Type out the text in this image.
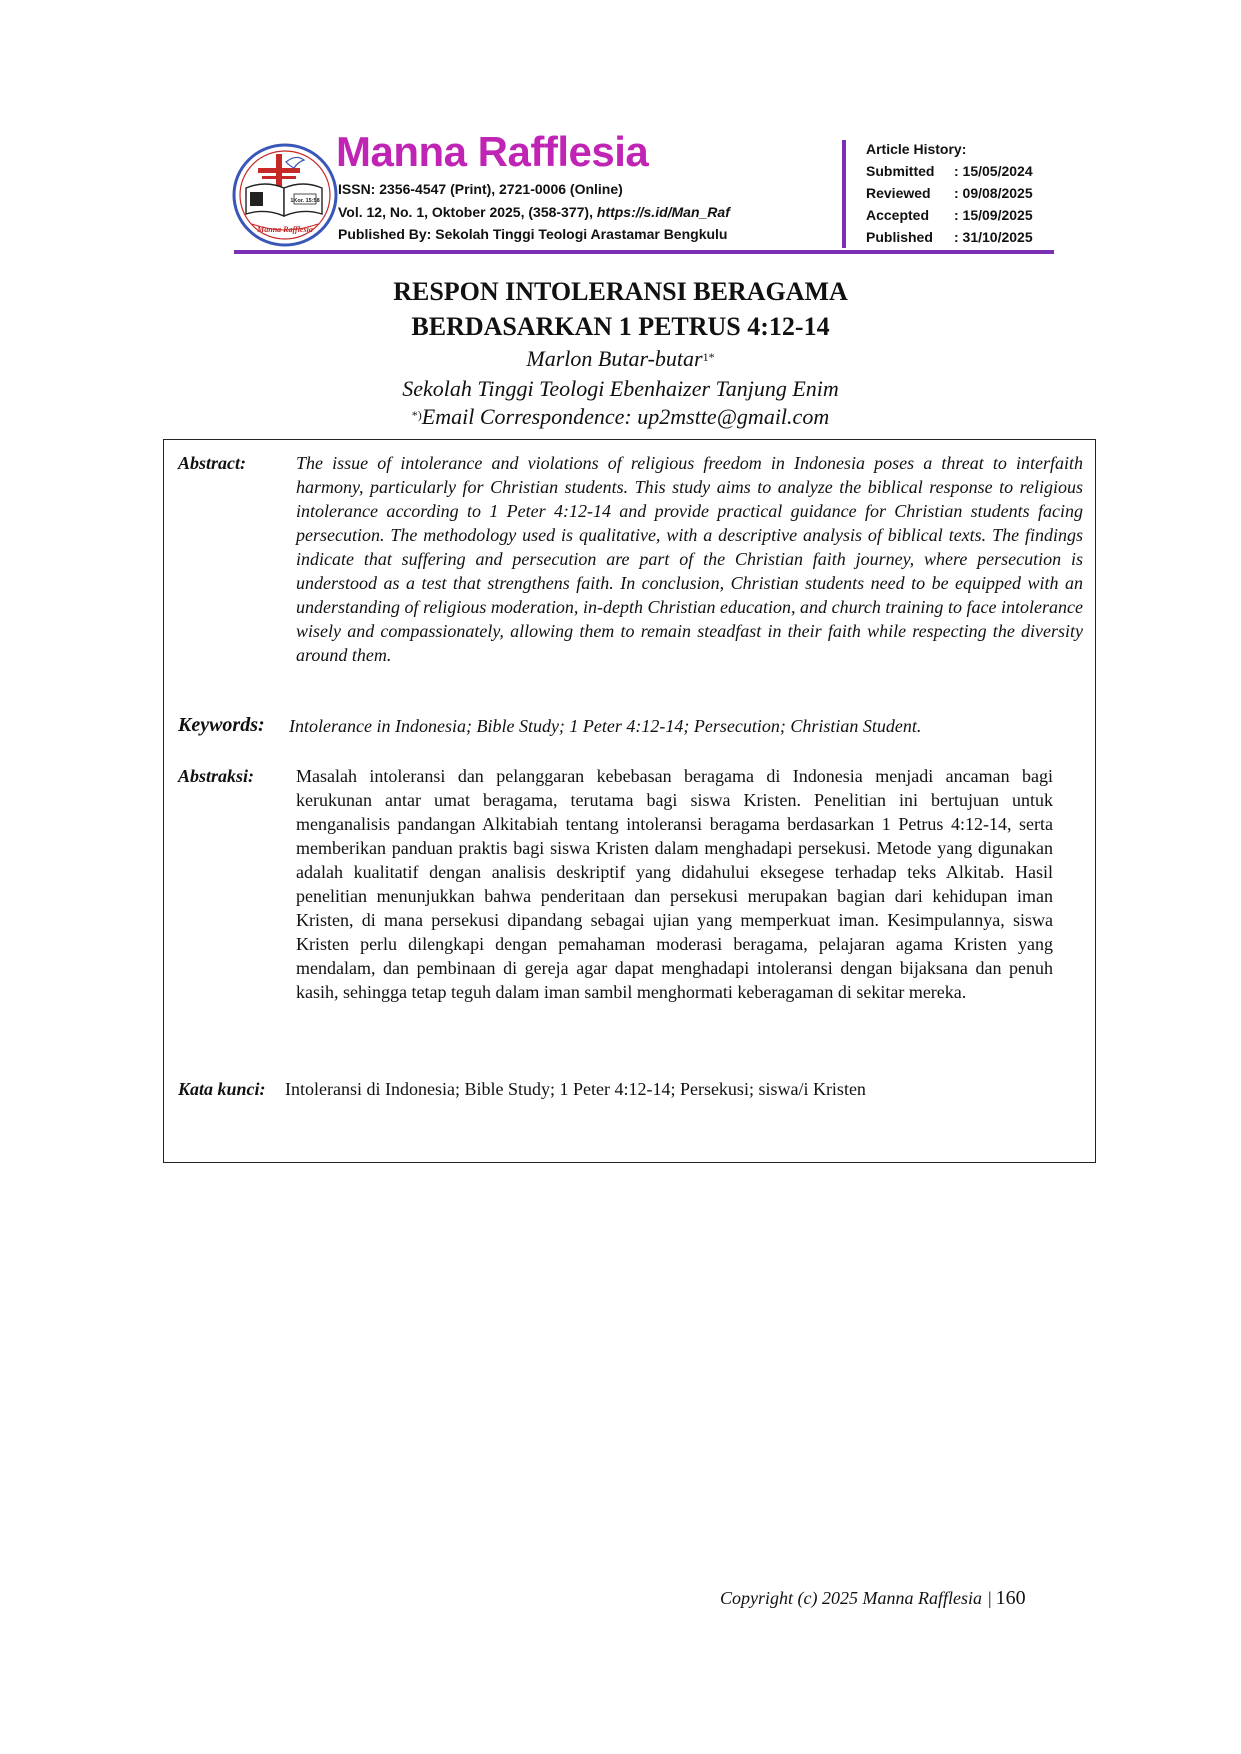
1Kor. 15:58
Manna Rafflesia
Manna Rafflesia
ISSN: 2356-4547 (Print), 2721-0006 (Online)
Vol. 12, No. 1, Oktober 2025, (358-377), https://s.id/Man_Raf
Published By: Sekolah Tinggi Teologi Arastamar Bengkulu
Article History:
Submitted	: 15/05/2024
Reviewed	: 09/08/2025
Accepted	: 15/09/2025
Published	: 31/10/2025
RESPON INTOLERANSI BERAGAMA
BERDASARKAN 1 PETRUS 4:12-14
Marlon Butar-butar$^{1*}$
Sekolah Tinggi Teologi Ebenhaizer Tanjung Enim
*)Email Correspondence: up2mstte@gmail.com
Abstract:	The issue of intolerance and violations of religious freedom in Indonesia poses a threat to interfaith harmony, particularly for Christian students. This study aims to analyze the biblical response to religious intolerance according to 1 Peter 4:12-14 and provide practical guidance for Christian students facing persecution. The methodology used is qualitative, with a descriptive analysis of biblical texts. The findings indicate that suffering and persecution are part of the Christian faith journey, where persecution is understood as a test that strengthens faith. In conclusion, Christian students need to be equipped with an understanding of religious moderation, in-depth Christian education, and church training to face intolerance wisely and compassionately, allowing them to remain steadfast in their faith while respecting the diversity around them.
Keywords: Intolerance in Indonesia; Bible Study; 1 Peter 4:12-14; Persecution; Christian Student.
Abstraksi: Masalah intoleransi dan pelanggaran kebebasan beragama di Indonesia menjadi ancaman bagi kerukunan antar umat beragama, terutama bagi siswa Kristen. Penelitian ini bertujuan untuk menganalisis pandangan Alkitabiah tentang intoleransi beragama berdasarkan 1 Petrus 4:12-14, serta memberikan panduan praktis bagi siswa Kristen dalam menghadapi persekusi. Metode yang digunakan adalah kualitatif dengan analisis deskriptif yang didahului eksegese terhadap teks Alkitab. Hasil penelitian menunjukkan bahwa penderitaan dan persekusi merupakan bagian dari kehidupan iman Kristen, di mana persekusi dipandang sebagai ujian yang memperkuat iman. Kesimpulannya, siswa Kristen perlu dilengkapi dengan pemahaman moderasi beragama, pelajaran agama Kristen yang mendalam, dan pembinaan di gereja agar dapat menghadapi intoleransi dengan bijaksana dan penuh kasih, sehingga tetap teguh dalam iman sambil menghormati keberagaman di sekitar mereka.
Kata kunci: Intoleransi di Indonesia; Bible Study; 1 Peter 4:12-14; Persekusi; siswa/i Kristen
Copyright (c) 2025 Manna Rafflesia | 160
